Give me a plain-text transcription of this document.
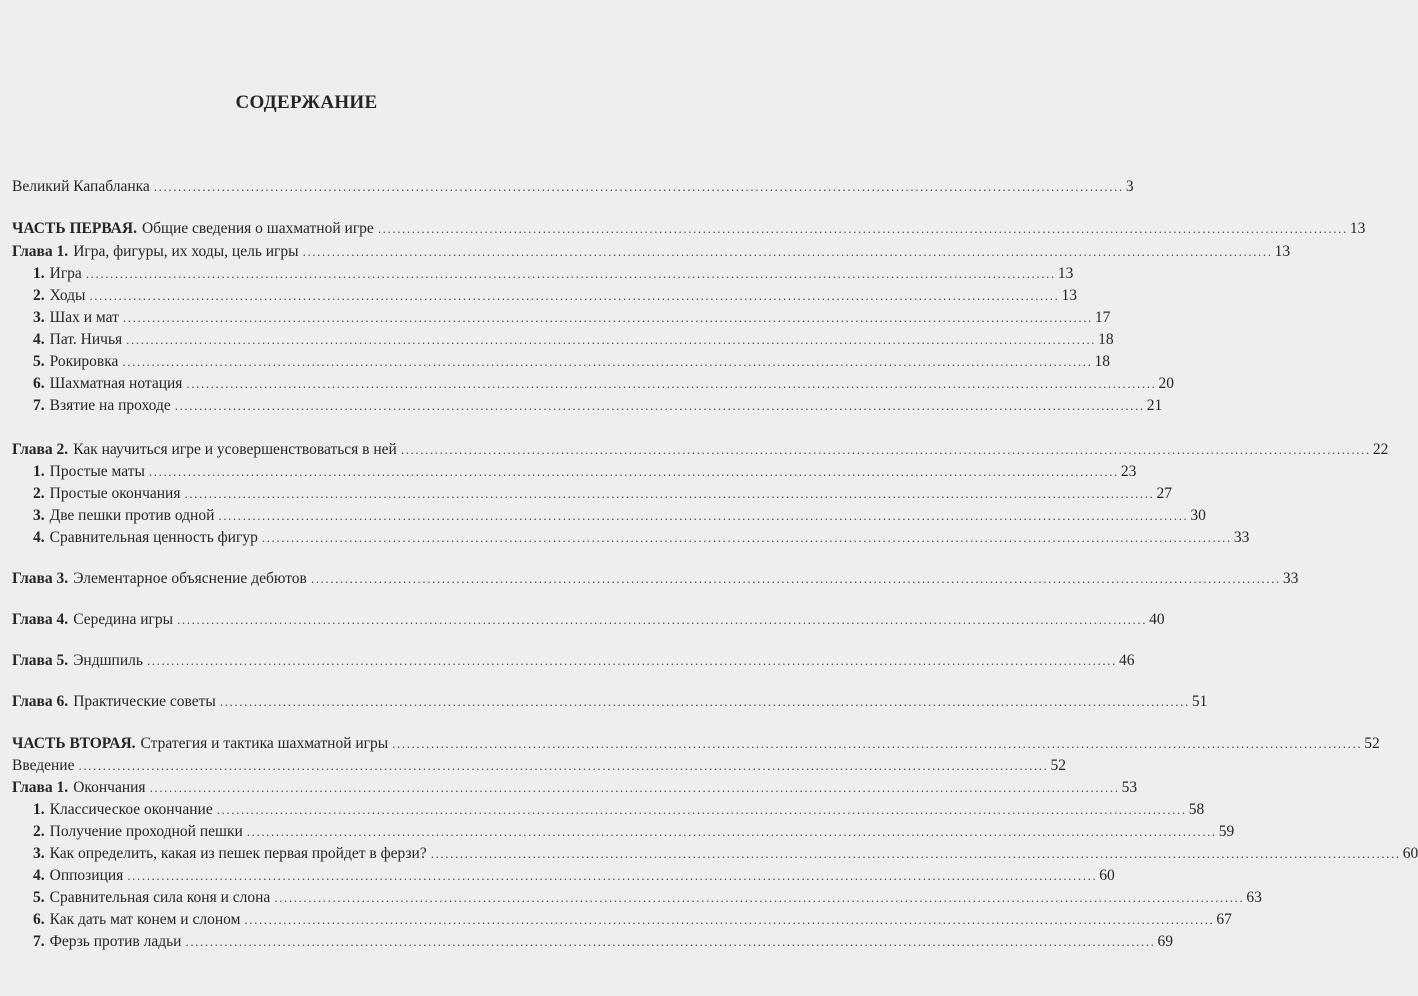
СОДЕРЖАНИЕ
Великий Капабланка ........................................................................................................................................................................................................ 3
ЧАСТЬ ПЕРВАЯ. Общие сведения о шахматной игре ........................................................................................................................................................................................................ 13
Глава 1. Игра, фигуры, их ходы, цель игры ........................................................................................................................................................................................................ 13
1. Игра ........................................................................................................................................................................................................ 13
2. Ходы ........................................................................................................................................................................................................ 13
3. Шах и мат ........................................................................................................................................................................................................ 17
4. Пат. Ничья ........................................................................................................................................................................................................ 18
5. Рокировка ........................................................................................................................................................................................................ 18
6. Шахматная нотация ........................................................................................................................................................................................................ 20
7. Взятие на проходе ........................................................................................................................................................................................................ 21
Глава 2. Как научиться игре и усовершенствоваться в ней ........................................................................................................................................................................................................ 22
1. Простые маты ........................................................................................................................................................................................................ 23
2. Простые окончания ........................................................................................................................................................................................................ 27
3. Две пешки против одной ........................................................................................................................................................................................................ 30
4. Сравнительная ценность фигур ........................................................................................................................................................................................................ 33
Глава 3. Элементарное объяснение дебютов ........................................................................................................................................................................................................ 33
Глава 4. Середина игры ........................................................................................................................................................................................................ 40
Глава 5. Эндшпиль ........................................................................................................................................................................................................ 46
Глава 6. Практические советы ........................................................................................................................................................................................................ 51
ЧАСТЬ ВТОРАЯ. Стратегия и тактика шахматной игры ........................................................................................................................................................................................................ 52
Введение ........................................................................................................................................................................................................ 52
Глава 1. Окончания ........................................................................................................................................................................................................ 53
1. Классическое окончание ........................................................................................................................................................................................................ 58
2. Получение проходной пешки ........................................................................................................................................................................................................ 59
3. Как определить, какая из пешек первая пройдет в ферзи? ........................................................................................................................................................................................................ 60
4. Оппозиция ........................................................................................................................................................................................................ 60
5. Сравнительная сила коня и слона ........................................................................................................................................................................................................ 63
6. Как дать мат конем и слоном ........................................................................................................................................................................................................ 67
7. Ферзь против ладьи ........................................................................................................................................................................................................ 69
